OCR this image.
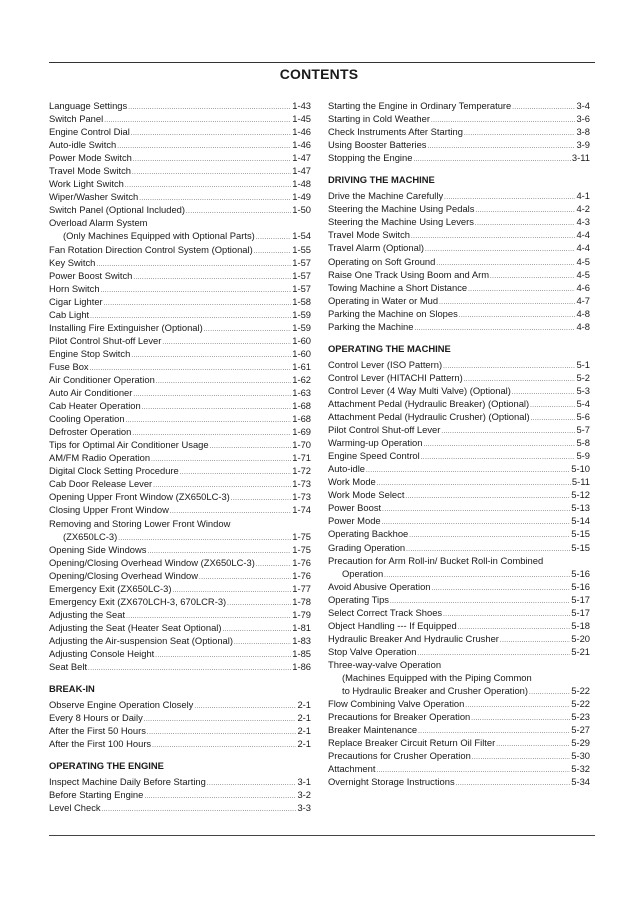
CONTENTS
Language Settings .....	1-43
Switch Panel .....	1-45
Engine Control Dial .....	1-46
Auto-idle Switch .....	1-46
Power Mode Switch .....	1-47
Travel Mode Switch .....	1-47
Work Light Switch .....	1-48
Wiper/Washer Switch .....	1-49
Switch Panel (Optional Included) .....	1-50
Overload Alarm System
(Only Machines Equipped with Optional Parts) .....	1-54
Fan Rotation Direction Control System (Optional) .....	1-55
Key Switch .....	1-57
Power Boost Switch .....	1-57
Horn Switch .....	1-57
Cigar Lighter .....	1-58
Cab Light .....	1-59
Installing Fire Extinguisher (Optional) .....	1-59
Pilot Control Shut-off Lever .....	1-60
Engine Stop Switch .....	1-60
Fuse Box .....	1-61
Air Conditioner Operation .....	1-62
Auto Air Conditioner .....	1-63
Cab Heater Operation .....	1-68
Cooling Operation .....	1-68
Defroster Operation .....	1-69
Tips for Optimal Air Conditioner Usage .....	1-70
AM/FM Radio Operation .....	1-71
Digital Clock Setting Procedure .....	1-72
Cab Door Release Lever .....	1-73
Opening Upper Front Window (ZX650LC-3) .....	1-73
Closing Upper Front Window .....	1-74
Removing and Storing Lower Front Window
(ZX650LC-3) .....	1-75
Opening Side Windows .....	1-75
Opening/Closing Overhead Window (ZX650LC-3) .....	1-76
Opening/Closing Overhead Window .....	1-76
Emergency Exit (ZX650LC-3) .....	1-77
Emergency Exit (ZX670LCH-3, 670LCR-3) .....	1-78
Adjusting the Seat .....	1-79
Adjusting the Seat (Heater Seat Optional) .....	1-81
Adjusting the Air-suspension Seat (Optional) .....	1-83
Adjusting Console Height .....	1-85
Seat Belt .....	1-86
BREAK-IN
Observe Engine Operation Closely .....	2-1
Every 8 Hours or Daily .....	2-1
After the First 50 Hours .....	2-1
After the First 100 Hours .....	2-1
OPERATING THE ENGINE
Inspect Machine Daily Before Starting .....	3-1
Before Starting Engine .....	3-2
Level Check .....	3-3
Starting the Engine in Ordinary Temperature .....	3-4
Starting in Cold Weather .....	3-6
Check Instruments After Starting .....	3-8
Using Booster Batteries .....	3-9
Stopping the Engine .....	3-11
DRIVING THE MACHINE
Drive the Machine Carefully .....	4-1
Steering the Machine Using Pedals .....	4-2
Steering the Machine Using Levers .....	4-3
Travel Mode Switch .....	4-4
Travel Alarm (Optional) .....	4-4
Operating on Soft Ground .....	4-5
Raise One Track Using Boom and Arm .....	4-5
Towing Machine a Short Distance .....	4-6
Operating in Water or Mud .....	4-7
Parking the Machine on Slopes .....	4-8
Parking the Machine .....	4-8
OPERATING THE MACHINE
Control Lever (ISO Pattern) .....	5-1
Control Lever (HITACHI Pattern) .....	5-2
Control Lever (4 Way Multi Valve) (Optional) .....	5-3
Attachment Pedal (Hydraulic Breaker) (Optional) .....	5-4
Attachment Pedal (Hydraulic Crusher) (Optional) .....	5-6
Pilot Control Shut-off Lever .....	5-7
Warming-up Operation .....	5-8
Engine Speed Control .....	5-9
Auto-idle .....	5-10
Work Mode .....	5-11
Work Mode Select .....	5-12
Power Boost .....	5-13
Power Mode .....	5-14
Operating Backhoe .....	5-15
Grading Operation .....	5-15
Precaution for Arm Roll-in/ Bucket Roll-in Combined
Operation .....	5-16
Avoid Abusive Operation .....	5-16
Operating Tips .....	5-17
Select Correct Track Shoes .....	5-17
Object Handling --- If Equipped .....	5-18
Hydraulic Breaker And Hydraulic Crusher .....	5-20
Stop Valve Operation .....	5-21
Three-way-valve Operation
(Machines Equipped with the Piping Common
to Hydraulic Breaker and Crusher Operation) .....	5-22
Flow Combining Valve Operation .....	5-22
Precautions for Breaker Operation .....	5-23
Breaker Maintenance .....	5-27
Replace Breaker Circuit Return Oil Filter .....	5-29
Precautions for Crusher Operation .....	5-30
Attachment .....	5-32
Overnight Storage Instructions .....	5-34
